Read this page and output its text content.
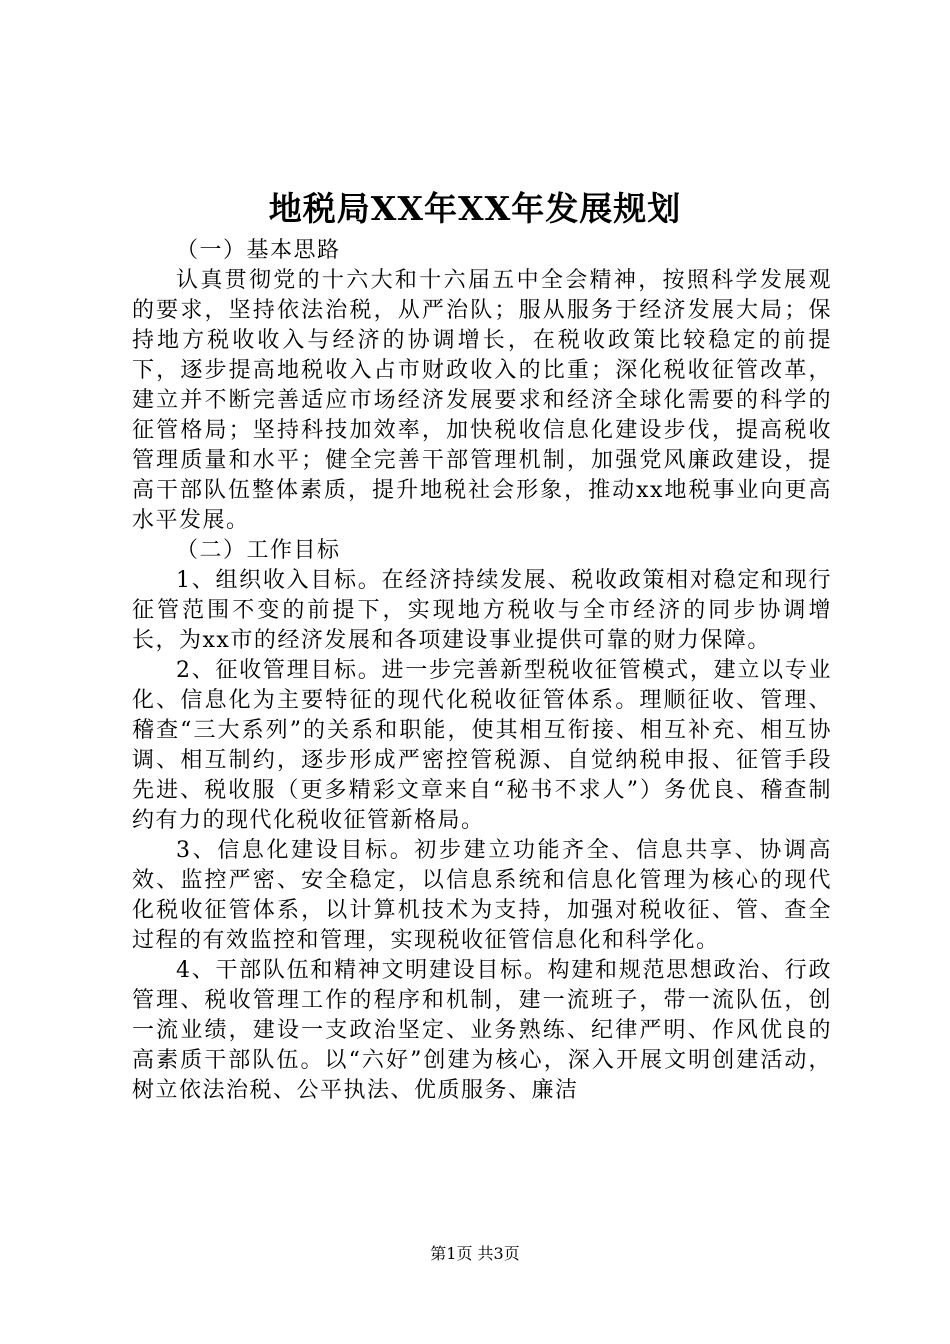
地税局XX年XX年发展规划

（一）基本思路

认真贯彻党的十六大和十六届五中全会精神，按照科学发展观的要求，坚持依法治税，从严治队；服从服务于经济发展大局；保持地方税收收入与经济的协调增长，在税收政策比较稳定的前提下，逐步提高地税收入占市财政收入的比重；深化税收征管改革，建立并不断完善适应市场经济发展要求和经济全球化需要的科学的征管格局；坚持科技加效率，加快税收信息化建设步伐，提高税收管理质量和水平；健全完善干部管理机制，加强党风廉政建设，提高干部队伍整体素质，提升地税社会形象，推动xx地税事业向更高水平发展。

（二）工作目标

1、组织收入目标。在经济持续发展、税收政策相对稳定和现行征管范围不变的前提下，实现地方税收与全市经济的同步协调增长，为xx市的经济发展和各项建设事业提供可靠的财力保障。

2、征收管理目标。进一步完善新型税收征管模式，建立以专业化、信息化为主要特征的现代化税收征管体系。理顺征收、管理、稽查“三大系列”的关系和职能，使其相互衔接、相互补充、相互协调、相互制约，逐步形成严密控管税源、自觉纳税申报、征管手段先进、税收服（更多精彩文章来自“秘书不求人”）务优良、稽查制约有力的现代化税收征管新格局。

3、信息化建设目标。初步建立功能齐全、信息共享、协调高效、监控严密、安全稳定，以信息系统和信息化管理为核心的现代化税收征管体系，以计算机技术为支持，加强对税收征、管、查全过程的有效监控和管理，实现税收征管信息化和科学化。

4、干部队伍和精神文明建设目标。构建和规范思想政治、行政管理、税收管理工作的程序和机制，建一流班子，带一流队伍，创一流业绩，建设一支政治坚定、业务熟练、纪律严明、作风优良的高素质干部队伍。以“六好”创建为核心，深入开展文明创建活动，树立依法治税、公平执法、优质服务、廉洁

第1页 共3页
